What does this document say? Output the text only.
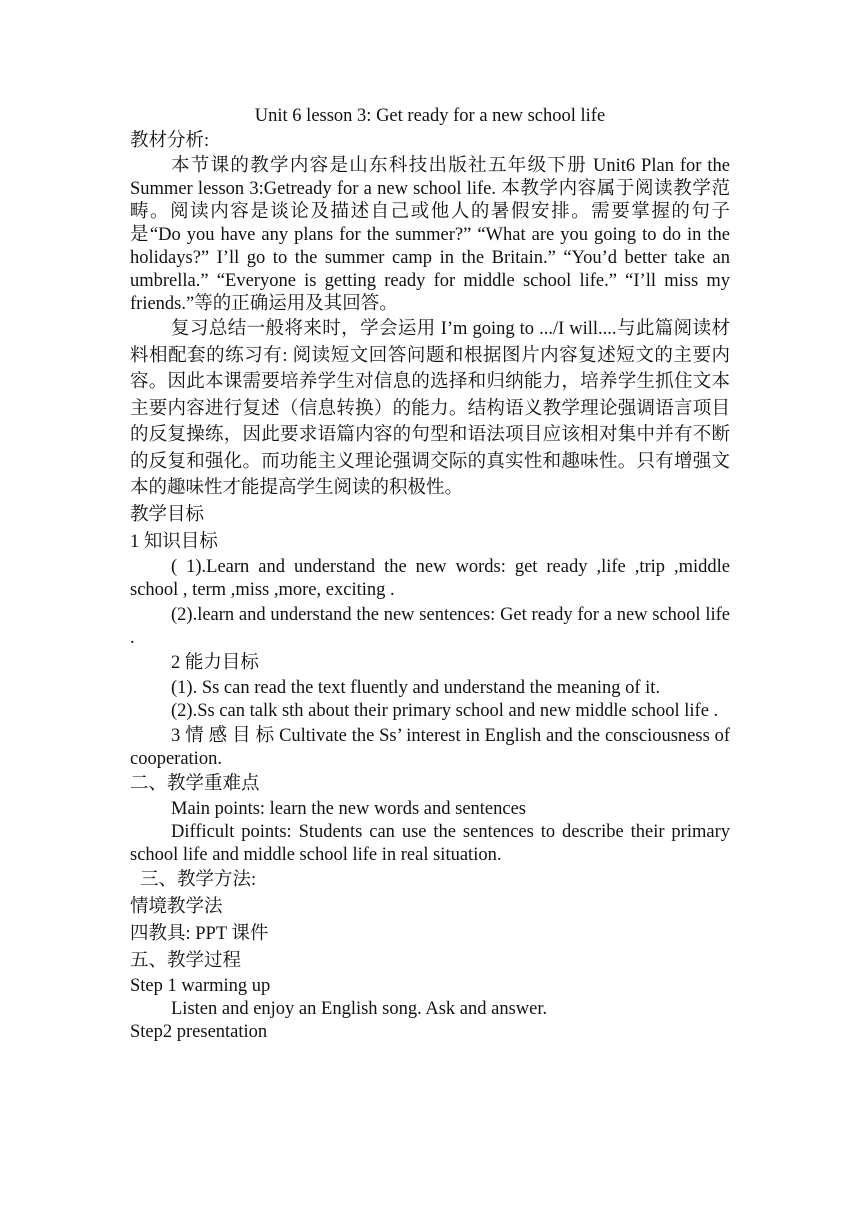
Unit 6 lesson 3: Get ready for a new school life

教材分析:

本节课的教学内容是山东科技出版社五年级下册 Unit6 Plan for the Summer lesson 3:Getready for a new school life. 本教学内容属于阅读教学范畴。阅读内容是谈论及描述自己或他人的暑假安排。需要掌握的句子是“Do you have any plans for the summer?” “What are you going to do in the holidays?” I’ll go to the summer camp in the Britain.” “You’d better take an umbrella.” “Everyone is getting ready for middle school life.” “I’ll miss my friends.”等的正确运用及其回答。

复习总结一般将来时，学会运用 I’m going to .../I will....与此篇阅读材料相配套的练习有: 阅读短文回答问题和根据图片内容复述短文的主要内容。因此本课需要培养学生对信息的选择和归纳能力，培养学生抓住文本主要内容进行复述（信息转换）的能力。结构语义教学理论强调语言项目的反复操练，因此要求语篇内容的句型和语法项目应该相对集中并有不断的反复和强化。而功能主义理论强调交际的真实性和趣味性。只有增强文本的趣味性才能提高学生阅读的积极性。

教学目标

1 知识目标

( 1).Learn and understand the new words: get ready ,life ,trip ,middle school , term ,miss ,more, exciting .

(2).learn and understand the new sentences: Get ready for a new school life .

2 能力目标

(1). Ss can read the text fluently and understand the meaning of it.

(2).Ss can talk sth about their primary school and new middle school life .

3 情 感 目 标 Cultivate the Ss’ interest in English and the consciousness of cooperation.

二、教学重难点

Main points: learn the new words and sentences

Difficult points: Students can use the sentences to describe their primary school life and middle school life in real situation.

三、教学方法:

情境教学法

四教具: PPT 课件

五、教学过程

Step 1 warming up

Listen and enjoy an English song. Ask and answer.

Step2 presentation
